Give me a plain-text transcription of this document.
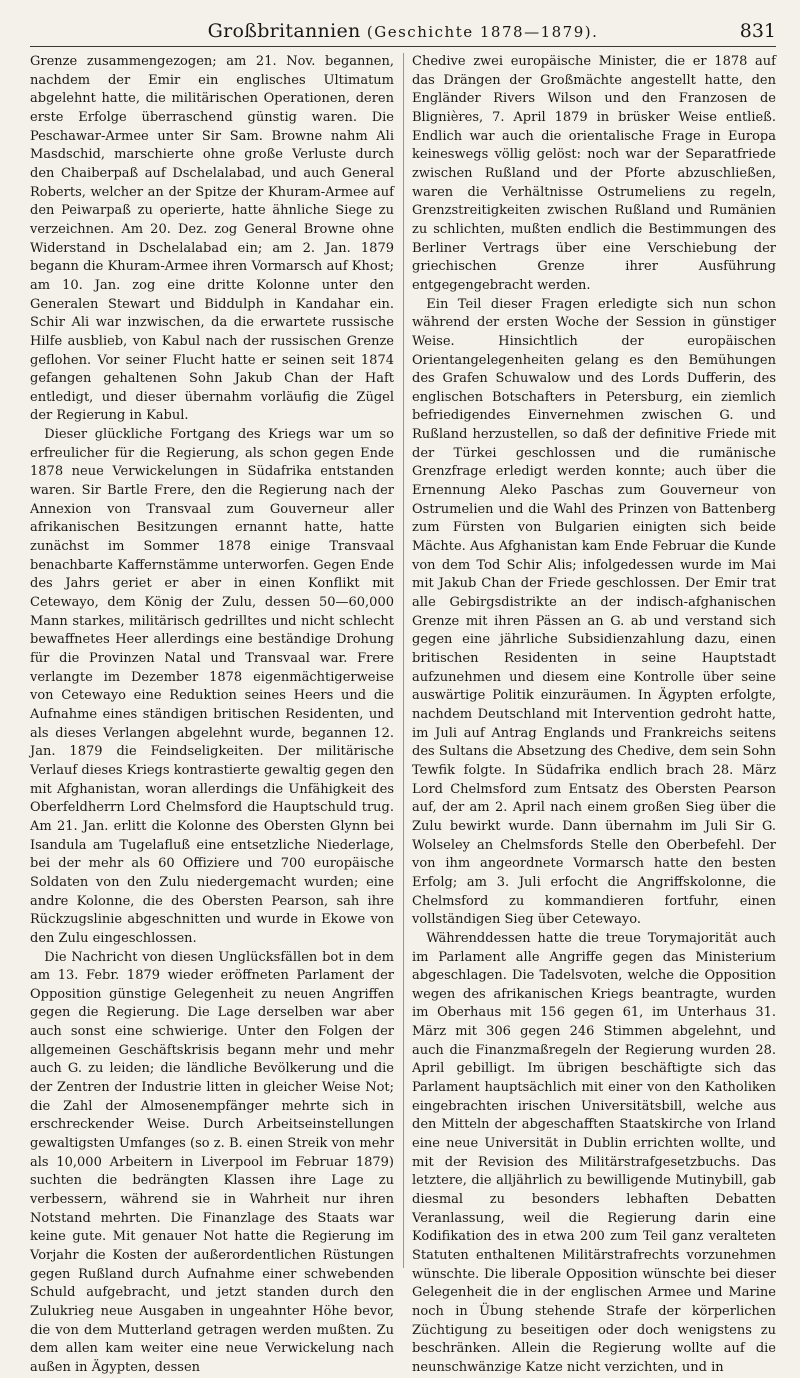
Großbritannien (Geschichte 1878—1879).	831

Grenze zusammengezogen; am 21. Nov. begannen, nachdem der Emir ein englisches Ultimatum abgelehnt hatte, die militärischen Operationen, deren erste Erfolge überraschend günstig waren. Die Peschawar-Armee unter Sir Sam. Browne nahm Ali Masdschid, marschierte ohne große Verluste durch den Chaiberpaß auf Dschelalabad, und auch General Roberts, welcher an der Spitze der Khuram-Armee auf den Peiwarpaß zu operierte, hatte ähnliche Siege zu verzeichnen. Am 20. Dez. zog General Browne ohne Widerstand in Dschelalabad ein; am 2. Jan. 1879 begann die Khuram-Armee ihren Vormarsch auf Khost; am 10. Jan. zog eine dritte Kolonne unter den Generalen Stewart und Biddulph in Kandahar ein. Schir Ali war inzwischen, da die erwartete russische Hilfe ausblieb, von Kabul nach der russischen Grenze geflohen. Vor seiner Flucht hatte er seinen seit 1874 gefangen gehaltenen Sohn Jakub Chan der Haft entledigt, und dieser übernahm vorläufig die Zügel der Regierung in Kabul.

Dieser glückliche Fortgang des Kriegs war um so erfreulicher für die Regierung, als schon gegen Ende 1878 neue Verwickelungen in Südafrika entstanden waren. Sir Bartle Frere, den die Regierung nach der Annexion von Transvaal zum Gouverneur aller afrikanischen Besitzungen ernannt hatte, hatte zunächst im Sommer 1878 einige Transvaal benachbarte Kaffernstämme unterworfen. Gegen Ende des Jahrs geriet er aber in einen Konflikt mit Cetewayo, dem König der Zulu, dessen 50—60,000 Mann starkes, militärisch gedrilltes und nicht schlecht bewaffnetes Heer allerdings eine beständige Drohung für die Provinzen Natal und Transvaal war. Frere verlangte im Dezember 1878 eigenmächtigerweise von Cetewayo eine Reduktion seines Heers und die Aufnahme eines ständigen britischen Residenten, und als dieses Verlangen abgelehnt wurde, begannen 12. Jan. 1879 die Feindseligkeiten. Der militärische Verlauf dieses Kriegs kontrastierte gewaltig gegen den mit Afghanistan, woran allerdings die Unfähigkeit des Oberfeldherrn Lord Chelmsford die Hauptschuld trug. Am 21. Jan. erlitt die Kolonne des Obersten Glynn bei Isandula am Tugelafluß eine entsetzliche Niederlage, bei der mehr als 60 Offiziere und 700 europäische Soldaten von den Zulu niedergemacht wurden; eine andre Kolonne, die des Obersten Pearson, sah ihre Rückzugslinie abgeschnitten und wurde in Ekowe von den Zulu eingeschlossen.

Die Nachricht von diesen Unglücksfällen bot in dem am 13. Febr. 1879 wieder eröffneten Parlament der Opposition günstige Gelegenheit zu neuen Angriffen gegen die Regierung. Die Lage derselben war aber auch sonst eine schwierige. Unter den Folgen der allgemeinen Geschäftskrisis begann mehr und mehr auch G. zu leiden; die ländliche Bevölkerung und die der Zentren der Industrie litten in gleicher Weise Not; die Zahl der Almosenempfänger mehrte sich in erschreckender Weise. Durch Arbeitseinstellungen gewaltigsten Umfanges (so z. B. einen Streik von mehr als 10,000 Arbeitern in Liverpool im Februar 1879) suchten die bedrängten Klassen ihre Lage zu verbessern, während sie in Wahrheit nur ihren Notstand mehrten. Die Finanzlage des Staats war keine gute. Mit genauer Not hatte die Regierung im Vorjahr die Kosten der außerordentlichen Rüstungen gegen Rußland durch Aufnahme einer schwebenden Schuld aufgebracht, und jetzt standen durch den Zulukrieg neue Ausgaben in ungeahnter Höhe bevor, die von dem Mutterland getragen werden mußten. Zu dem allen kam weiter eine neue Verwickelung nach außen in Ägypten, dessen

Chedive zwei europäische Minister, die er 1878 auf das Drängen der Großmächte angestellt hatte, den Engländer Rivers Wilson und den Franzosen de Blignières, 7. April 1879 in brüsker Weise entließ. Endlich war auch die orientalische Frage in Europa keineswegs völlig gelöst: noch war der Separatfriede zwischen Rußland und der Pforte abzuschließen, waren die Verhältnisse Ostrumeliens zu regeln, Grenzstreitigkeiten zwischen Rußland und Rumänien zu schlichten, mußten endlich die Bestimmungen des Berliner Vertrags über eine Verschiebung der griechischen Grenze ihrer Ausführung entgegengebracht werden.

Ein Teil dieser Fragen erledigte sich nun schon während der ersten Woche der Session in günstiger Weise. Hinsichtlich der europäischen Orientangelegenheiten gelang es den Bemühungen des Grafen Schuwalow und des Lords Dufferin, des englischen Botschafters in Petersburg, ein ziemlich befriedigendes Einvernehmen zwischen G. und Rußland herzustellen, so daß der definitive Friede mit der Türkei geschlossen und die rumänische Grenzfrage erledigt werden konnte; auch über die Ernennung Aleko Paschas zum Gouverneur von Ostrumelien und die Wahl des Prinzen von Battenberg zum Fürsten von Bulgarien einigten sich beide Mächte. Aus Afghanistan kam Ende Februar die Kunde von dem Tod Schir Alis; infolgedessen wurde im Mai mit Jakub Chan der Friede geschlossen. Der Emir trat alle Gebirgsdistrikte an der indisch-afghanischen Grenze mit ihren Pässen an G. ab und verstand sich gegen eine jährliche Subsidienzahlung dazu, einen britischen Residenten in seine Hauptstadt aufzunehmen und diesem eine Kontrolle über seine auswärtige Politik einzuräumen. In Ägypten erfolgte, nachdem Deutschland mit Intervention gedroht hatte, im Juli auf Antrag Englands und Frankreichs seitens des Sultans die Absetzung des Chedive, dem sein Sohn Tewfik folgte. In Südafrika endlich brach 28. März Lord Chelmsford zum Entsatz des Obersten Pearson auf, der am 2. April nach einem großen Sieg über die Zulu bewirkt wurde. Dann übernahm im Juli Sir G. Wolseley an Chelmsfords Stelle den Oberbefehl. Der von ihm angeordnete Vormarsch hatte den besten Erfolg; am 3. Juli erfocht die Angriffskolonne, die Chelmsford zu kommandieren fortfuhr, einen vollständigen Sieg über Cetewayo.

Währenddessen hatte die treue Torymajorität auch im Parlament alle Angriffe gegen das Ministerium abgeschlagen. Die Tadelsvoten, welche die Opposition wegen des afrikanischen Kriegs beantragte, wurden im Oberhaus mit 156 gegen 61, im Unterhaus 31. März mit 306 gegen 246 Stimmen abgelehnt, und auch die Finanzmaßregeln der Regierung wurden 28. April gebilligt. Im übrigen beschäftigte sich das Parlament hauptsächlich mit einer von den Katholiken eingebrachten irischen Universitätsbill, welche aus den Mitteln der abgeschafften Staatskirche von Irland eine neue Universität in Dublin errichten wollte, und mit der Revision des Militärstrafgesetzbuchs. Das letztere, die alljährlich zu bewilligende Mutinybill, gab diesmal zu besonders lebhaften Debatten Veranlassung, weil die Regierung darin eine Kodifikation des in etwa 200 zum Teil ganz veralteten Statuten enthaltenen Militärstrafrechts vorzunehmen wünschte. Die liberale Opposition wünschte bei dieser Gelegenheit die in der englischen Armee und Marine noch in Übung stehende Strafe der körperlichen Züchtigung zu beseitigen oder doch wenigstens zu beschränken. Allein die Regierung wollte auf die neunschwänzige Katze nicht verzichten, und in
